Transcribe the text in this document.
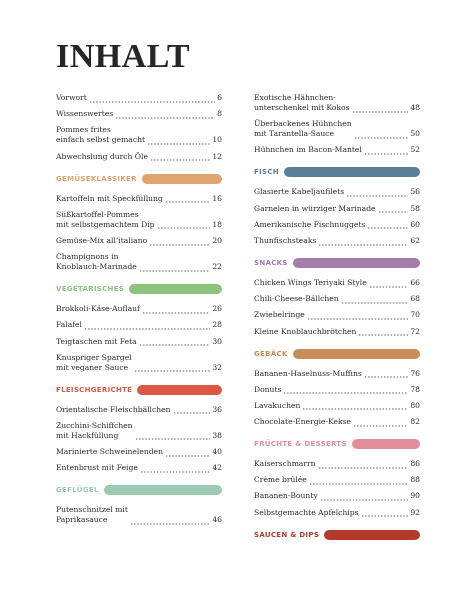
INHALT
Vorwort	6
Wissenswertes	8
Pommes frites
einfach selbst gemacht	10
Abwechslung durch Öle	12
GEMÜSEKLASSIKER
Kartoffeln mit Speckfüllung	16
Süßkartoffel-Pommes
mit selbstgemachtem Dip	18
Gemüse-Mix all’italiano	20
Champignons in
Knoblauch-Marinade	22
VEGETARISCHES
Brokkoli-Käse-Auflauf	26
Falafel	28
Teigtaschen mit Feta	30
Knuspriger Spargel
mit veganer Sauce	32
FLEISCHGERICHTE
Orientalische Fleischbällchen	36
Zucchini-Schiffchen
mit Hackfüllung	38
Marinierte Schweinelenden	40
Entenbrust mit Feige	42
GEFLÜGEL
Putenschnitzel mit
Paprikasauce	46
Exotische Hähnchen-
unterschenkel mit Kokos	48
Überbackenes Hühnchen
mit Tarantella-Sauce	50
Hühnchen im Bacon-Mantel	52
FISCH
Glasierte Kabeljaufilets	56
Garnelen in würziger Marinade	58
Amerikanische Fischnuggets	60
Thunfischsteaks	62
SNACKS
Chicken Wings Teriyaki Style	66
Chili-Cheese-Bällchen	68
Zwiebelringe	70
Kleine Knoblauchbrötchen	72
GEBÄCK
Bananen-Haselnuss-Muffins	76
Donuts	78
Lavakuchen	80
Chocolate-Energie-Kekse	82
FRÜCHTE & DESSERTS
Kaiserschmarrn	86
Crème brûlée	88
Bananen-Bounty	90
Selbstgemachte Apfelchips	92
SAUCEN & DIPS
